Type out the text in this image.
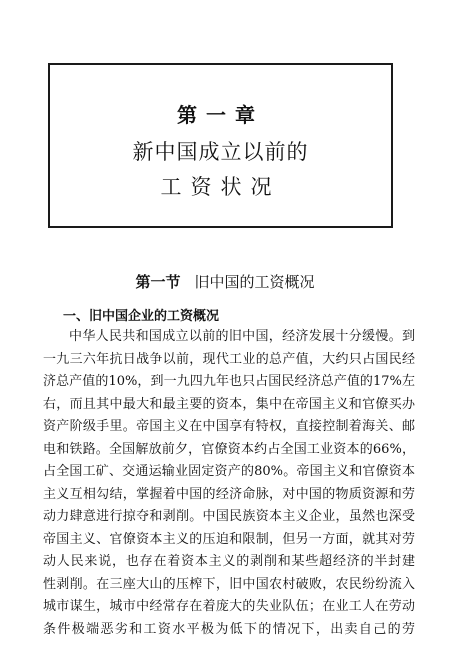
第一章
新中国成立以前的
工资状况
第一节 旧中国的工资概况
一、旧中国企业的工资概况
中华人民共和国成立以前的旧中国，经济发展十分缓慢。到
一九三六年抗日战争以前，现代工业的总产值，大约只占国民经
济总产值的10%，到一九四九年也只占国民经济总产值的17%左
右，而且其中最大和最主要的资本，集中在帝国主义和官僚买办
资产阶级手里。帝国主义在中国享有特权，直接控制着海关、邮
电和铁路。全国解放前夕，官僚资本约占全国工业资本的66%，
占全国工矿、交通运输业固定资产的80%。帝国主义和官僚资本
主义互相勾结，掌握着中国的经济命脉，对中国的物质资源和劳
动力肆意进行掠夺和剥削。中国民族资本主义企业，虽然也深受
帝国主义、官僚资本主义的压迫和限制，但另一方面，就其对劳
动人民来说，也存在着资本主义的剥削和某些超经济的半封建
性剥削。在三座大山的压榨下，旧中国农村破败，农民纷纷流入
城市谋生，城市中经常存在着庞大的失业队伍；在业工人在劳动
条件极端恶劣和工资水平极为低下的情况下，出卖自己的劳
